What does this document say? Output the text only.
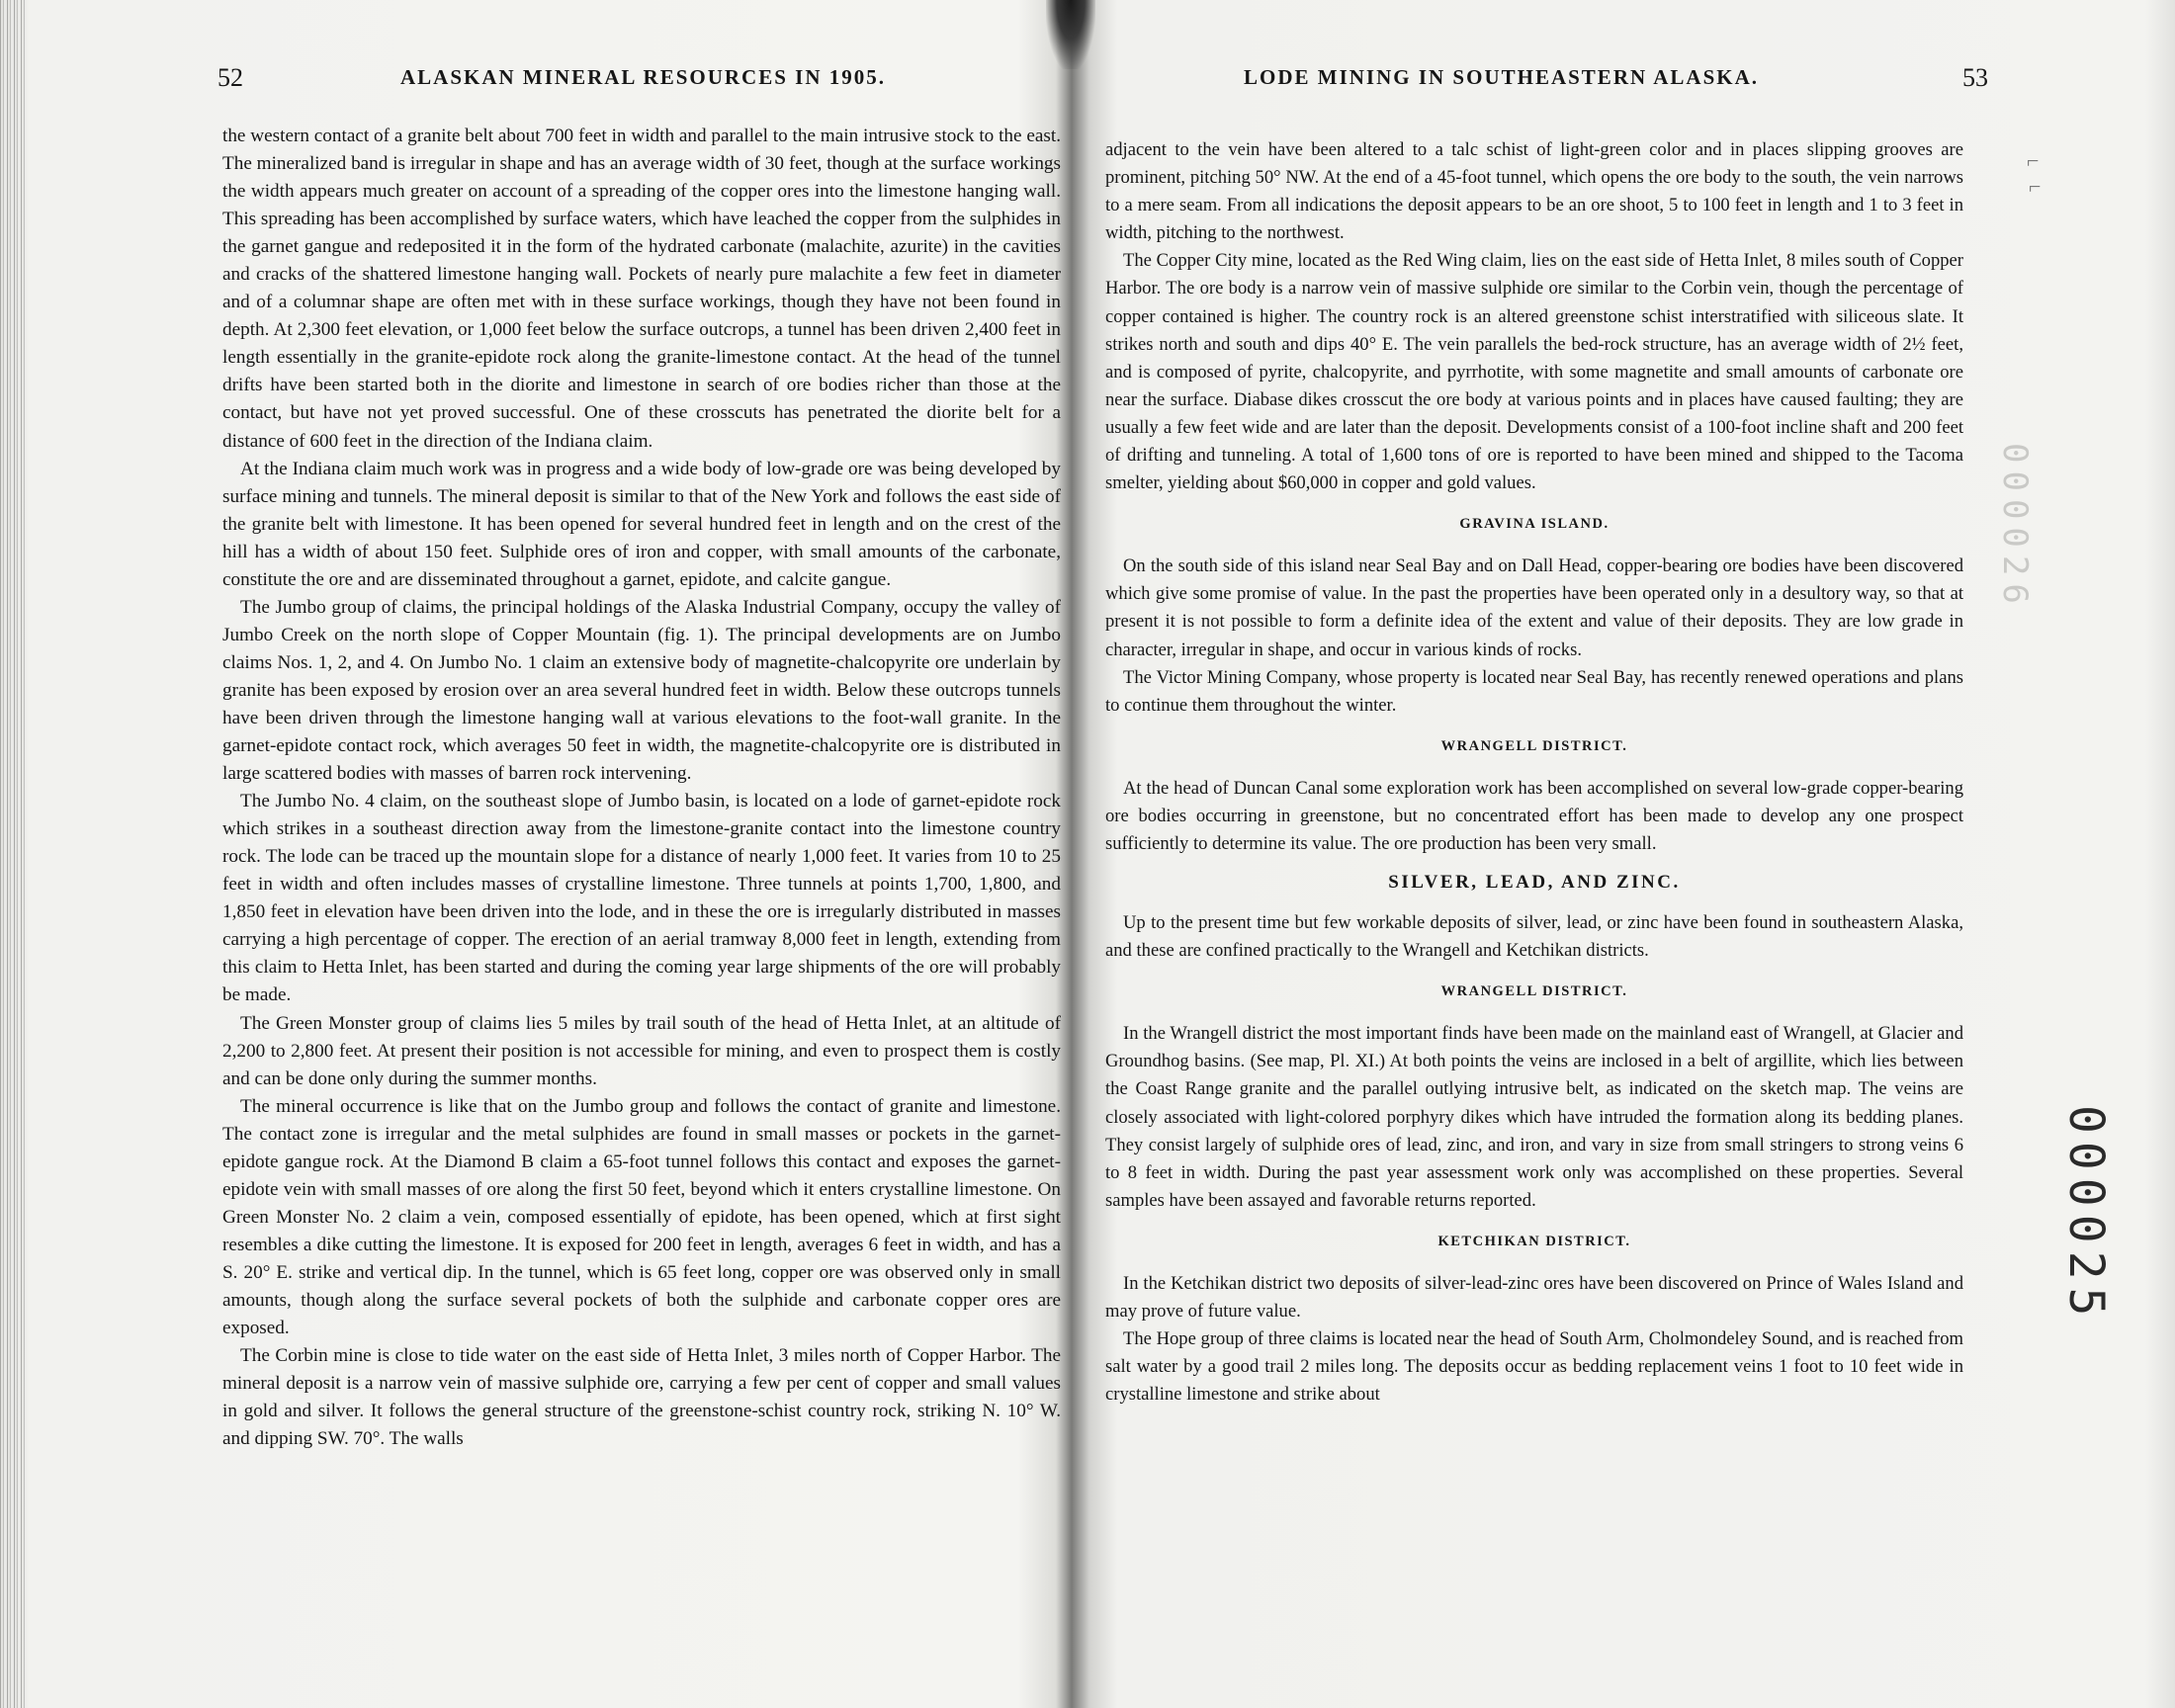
52	ALASKAN MINERAL RESOURCES IN 1905.

the western contact of a granite belt about 700 feet in width and parallel to the main intrusive stock to the east. The mineralized band is irregular in shape and has an average width of 30 feet, though at the surface workings the width appears much greater on account of a spreading of the copper ores into the limestone hanging wall. This spreading has been accomplished by surface waters, which have leached the copper from the sulphides in the garnet gangue and redeposited it in the form of the hydrated carbonate (malachite, azurite) in the cavities and cracks of the shattered limestone hanging wall. Pockets of nearly pure malachite a few feet in diameter and of a columnar shape are often met with in these surface workings, though they have not been found in depth. At 2,300 feet elevation, or 1,000 feet below the surface outcrops, a tunnel has been driven 2,400 feet in length essentially in the granite-epidote rock along the granite-limestone contact. At the head of the tunnel drifts have been started both in the diorite and limestone in search of ore bodies richer than those at the contact, but have not yet proved successful. One of these crosscuts has penetrated the diorite belt for a distance of 600 feet in the direction of the Indiana claim.

At the Indiana claim much work was in progress and a wide body of low-grade ore was being developed by surface mining and tunnels. The mineral deposit is similar to that of the New York and follows the east side of the granite belt with limestone. It has been opened for several hundred feet in length and on the crest of the hill has a width of about 150 feet. Sulphide ores of iron and copper, with small amounts of the carbonate, constitute the ore and are disseminated throughout a garnet, epidote, and calcite gangue.

The Jumbo group of claims, the principal holdings of the Alaska Industrial Company, occupy the valley of Jumbo Creek on the north slope of Copper Mountain (fig. 1). The principal developments are on Jumbo claims Nos. 1, 2, and 4. On Jumbo No. 1 claim an extensive body of magnetite-chalcopyrite ore underlain by granite has been exposed by erosion over an area several hundred feet in width. Below these outcrops tunnels have been driven through the limestone hanging wall at various elevations to the foot-wall granite. In the garnet-epidote contact rock, which averages 50 feet in width, the magnetite-chalcopyrite ore is distributed in large scattered bodies with masses of barren rock intervening.

The Jumbo No. 4 claim, on the southeast slope of Jumbo basin, is located on a lode of garnet-epidote rock which strikes in a southeast direction away from the limestone-granite contact into the limestone country rock. The lode can be traced up the mountain slope for a distance of nearly 1,000 feet. It varies from 10 to 25 feet in width and often includes masses of crystalline limestone. Three tunnels at points 1,700, 1,800, and 1,850 feet in elevation have been driven into the lode, and in these the ore is irregularly distributed in masses carrying a high percentage of copper. The erection of an aerial tramway 8,000 feet in length, extending from this claim to Hetta Inlet, has been started and during the coming year large shipments of the ore will probably be made.

The Green Monster group of claims lies 5 miles by trail south of the head of Hetta Inlet, at an altitude of 2,200 to 2,800 feet. At present their position is not accessible for mining, and even to prospect them is costly and can be done only during the summer months.

The mineral occurrence is like that on the Jumbo group and follows the contact of granite and limestone. The contact zone is irregular and the metal sulphides are found in small masses or pockets in the garnet-epidote gangue rock. At the Diamond B claim a 65-foot tunnel follows this contact and exposes the garnet-epidote vein with small masses of ore along the first 50 feet, beyond which it enters crystalline limestone. On Green Monster No. 2 claim a vein, composed essentially of epidote, has been opened, which at first sight resembles a dike cutting the limestone. It is exposed for 200 feet in length, averages 6 feet in width, and has a S. 20° E. strike and vertical dip. In the tunnel, which is 65 feet long, copper ore was observed only in small amounts, though along the surface several pockets of both the sulphide and carbonate copper ores are exposed.

The Corbin mine is close to tide water on the east side of Hetta Inlet, 3 miles north of Copper Harbor. The mineral deposit is a narrow vein of massive sulphide ore, carrying a few per cent of copper and small values in gold and silver. It follows the general structure of the greenstone-schist country rock, striking N. 10° W. and dipping SW. 70°. The walls

LODE MINING IN SOUTHEASTERN ALASKA.	53

adjacent to the vein have been altered to a talc schist of light-green color and in places slipping grooves are prominent, pitching 50° NW. At the end of a 45-foot tunnel, which opens the ore body to the south, the vein narrows to a mere seam. From all indications the deposit appears to be an ore shoot, 5 to 100 feet in length and 1 to 3 feet in width, pitching to the northwest.

The Copper City mine, located as the Red Wing claim, lies on the east side of Hetta Inlet, 8 miles south of Copper Harbor. The ore body is a narrow vein of massive sulphide ore similar to the Corbin vein, though the percentage of copper contained is higher. The country rock is an altered greenstone schist interstratified with siliceous slate. It strikes north and south and dips 40° E. The vein parallels the bed-rock structure, has an average width of 2½ feet, and is composed of pyrite, chalcopyrite, and pyrrhotite, with some magnetite and small amounts of carbonate ore near the surface. Diabase dikes crosscut the ore body at various points and in places have caused faulting; they are usually a few feet wide and are later than the deposit. Developments consist of a 100-foot incline shaft and 200 feet of drifting and tunneling. A total of 1,600 tons of ore is reported to have been mined and shipped to the Tacoma smelter, yielding about $60,000 in copper and gold values.

GRAVINA ISLAND.

On the south side of this island near Seal Bay and on Dall Head, copper-bearing ore bodies have been discovered which give some promise of value. In the past the properties have been operated only in a desultory way, so that at present it is not possible to form a definite idea of the extent and value of their deposits. They are low grade in character, irregular in shape, and occur in various kinds of rocks.

The Victor Mining Company, whose property is located near Seal Bay, has recently renewed operations and plans to continue them throughout the winter.

WRANGELL DISTRICT.

At the head of Duncan Canal some exploration work has been accomplished on several low-grade copper-bearing ore bodies occurring in greenstone, but no concentrated effort has been made to develop any one prospect sufficiently to determine its value. The ore production has been very small.

SILVER, LEAD, AND ZINC.

Up to the present time but few workable deposits of silver, lead, or zinc have been found in southeastern Alaska, and these are confined practically to the Wrangell and Ketchikan districts.

WRANGELL DISTRICT.

In the Wrangell district the most important finds have been made on the mainland east of Wrangell, at Glacier and Groundhog basins. (See map, Pl. XI.) At both points the veins are inclosed in a belt of argillite, which lies between the Coast Range granite and the parallel outlying intrusive belt, as indicated on the sketch map. The veins are closely associated with light-colored porphyry dikes which have intruded the formation along its bedding planes. They consist largely of sulphide ores of lead, zinc, and iron, and vary in size from small stringers to strong veins 6 to 8 feet in width. During the past year assessment work only was accomplished on these properties. Several samples have been assayed and favorable returns reported.

KETCHIKAN DISTRICT.

In the Ketchikan district two deposits of silver-lead-zinc ores have been discovered on Prince of Wales Island and may prove of future value.

The Hope group of three claims is located near the head of South Arm, Cholmondeley Sound, and is reached from salt water by a good trail 2 miles long. The deposits occur as bedding replacement veins 1 foot to 10 feet wide in crystalline limestone and strike about

⌐
⌐
000026
000025
